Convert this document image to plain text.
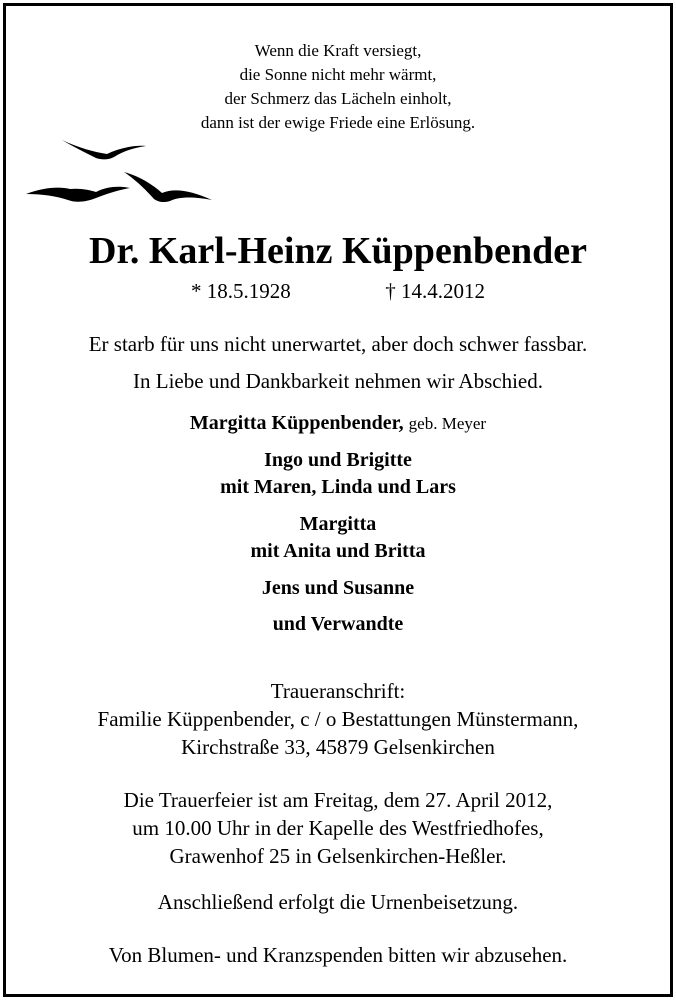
Wenn die Kraft versiegt,
die Sonne nicht mehr wärmt,
der Schmerz das Lächeln einholt,
dann ist der ewige Friede eine Erlösung.
Dr. Karl-Heinz Küppenbender
* 18.5.1928	† 14.4.2012
Er starb für uns nicht unerwartet, aber doch schwer fassbar.
In Liebe und Dankbarkeit nehmen wir Abschied.
Margitta Küppenbender, geb. Meyer
Ingo und Brigitte
mit Maren, Linda und Lars
Margitta
mit Anita und Britta
Jens und Susanne
und Verwandte
Traueranschrift:
Familie Küppenbender, c / o Bestattungen Münstermann,
Kirchstraße 33, 45879 Gelsenkirchen
Die Trauerfeier ist am Freitag, dem 27. April 2012,
um 10.00 Uhr in der Kapelle des Westfriedhofes,
Grawenhof 25 in Gelsenkirchen-Heßler.
Anschließend erfolgt die Urnenbeisetzung.
Von Blumen- und Kranzspenden bitten wir abzusehen.
